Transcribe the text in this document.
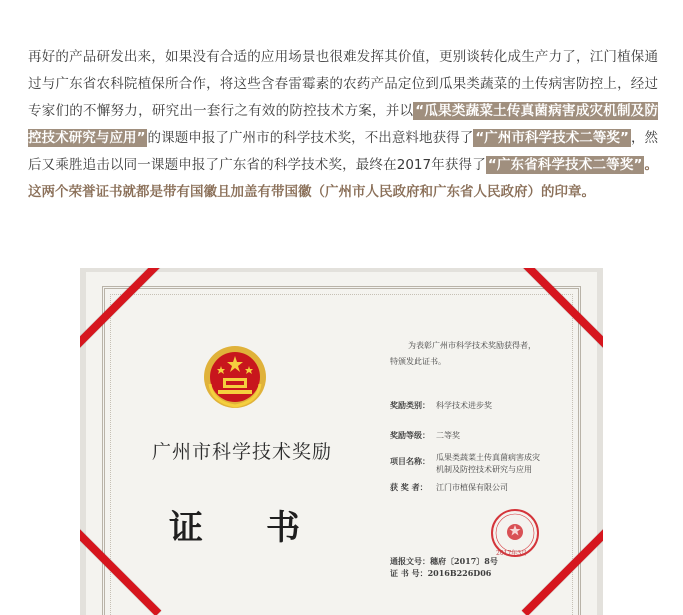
再好的产品研发出来，如果没有合适的应用场景也很难发挥其价值，更别谈转化成生产力了，江门植保通过与广东省农科院植保所合作，将这些含春雷霉素的农药产品定位到瓜果类蔬菜的土传病害防控上，经过专家们的不懈努力，研究出一套行之有效的防控技术方案，并以 “瓜果类蔬菜土传真菌病害成灾机制及防控技术研究与应用” 的课题申报了广州市的科学技术奖，不出意料地获得了 “广州市科学技术二等奖” ，然后又乘胜追击以同一课题申报了广东省的科学技术奖，最终在2017年获得了 “广东省科学技术二等奖” 。这两个荣誉证书就都是带有国徽且加盖有带国徽（广州市人民政府和广东省人民政府）的印章。
广州市科学技术奖励
证 书
为表彰广州市科学技术奖励获得者，
特颁发此证书。
奖励类别： 科学技术进步奖
奖励等级： 二等奖
项目名称： 瓜果类蔬菜土传真菌病害成灾
机制及防控技术研究与应用
获 奖 者： 江门市植保有限公司
2017年3月
通报文号：穗府〔2017〕8号
证 书 号：2016B226D06
